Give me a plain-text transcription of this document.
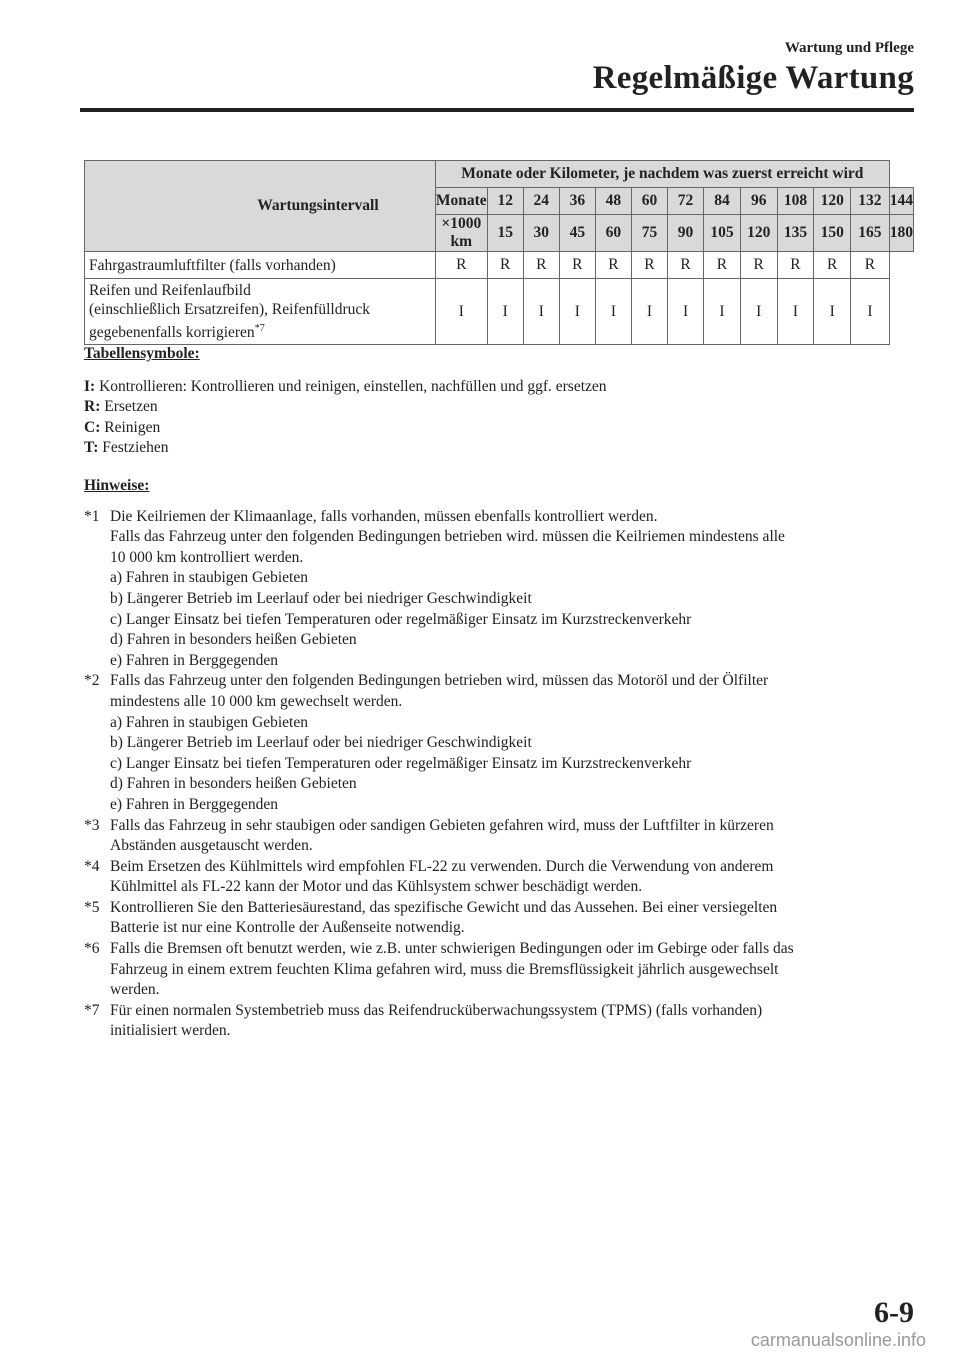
Wartung und Pflege
Regelmäßige Wartung
Wartungsintervall	Monate oder Kilometer, je nachdem was zuerst erreicht wird												
	Monate	12	24	36	48	60	72	84	96	108	120	132	144
	×1000 km	15	30	45	60	75	90	105	120	135	150	165	180
Fahrgastraumluftfilter (falls vorhanden)	R	R	R	R	R	R	R	R	R	R	R	R	
Reifen und Reifenlaufbild
(einschließlich Ersatzreifen), Reifenfülldruck
gegebenenfalls korrigieren$^{*7}$	I	I	I	I	I	I	I	I	I	I	I	I	

Tabellensymbole:

I: Kontrollieren: Kontrollieren und reinigen, einstellen, nachfüllen und ggf. ersetzen

R: Ersetzen

C: Reinigen

T: Festziehen

Hinweise:

*1 Die Keilriemen der Klimaanlage, falls vorhanden, müssen ebenfalls kontrolliert werden.
Falls das Fahrzeug unter den folgenden Bedingungen betrieben wird. müssen die Keilriemen mindestens alle
10 000 km kontrolliert werden.
a) Fahren in staubigen Gebieten
b) Längerer Betrieb im Leerlauf oder bei niedriger Geschwindigkeit
c) Langer Einsatz bei tiefen Temperaturen oder regelmäßiger Einsatz im Kurzstreckenverkehr
d) Fahren in besonders heißen Gebieten
e) Fahren in Berggegenden
*2 Falls das Fahrzeug unter den folgenden Bedingungen betrieben wird, müssen das Motoröl und der Ölfilter
mindestens alle 10 000 km gewechselt werden.
a) Fahren in staubigen Gebieten
b) Längerer Betrieb im Leerlauf oder bei niedriger Geschwindigkeit
c) Langer Einsatz bei tiefen Temperaturen oder regelmäßiger Einsatz im Kurzstreckenverkehr
d) Fahren in besonders heißen Gebieten
e) Fahren in Berggegenden
*3 Falls das Fahrzeug in sehr staubigen oder sandigen Gebieten gefahren wird, muss der Luftfilter in kürzeren
Abständen ausgetauscht werden.
*4 Beim Ersetzen des Kühlmittels wird empfohlen FL-22 zu verwenden. Durch die Verwendung von anderem
Kühlmittel als FL-22 kann der Motor und das Kühlsystem schwer beschädigt werden.
*5 Kontrollieren Sie den Batteriesäurestand, das spezifische Gewicht und das Aussehen. Bei einer versiegelten
Batterie ist nur eine Kontrolle der Außenseite notwendig.
*6 Falls die Bremsen oft benutzt werden, wie z.B. unter schwierigen Bedingungen oder im Gebirge oder falls das
Fahrzeug in einem extrem feuchten Klima gefahren wird, muss die Bremsflüssigkeit jährlich ausgewechselt
werden.
*7 Für einen normalen Systembetrieb muss das Reifendrucküberwachungssystem (TPMS) (falls vorhanden)
initialisiert werden.
6-9
carmanualsonline.info
